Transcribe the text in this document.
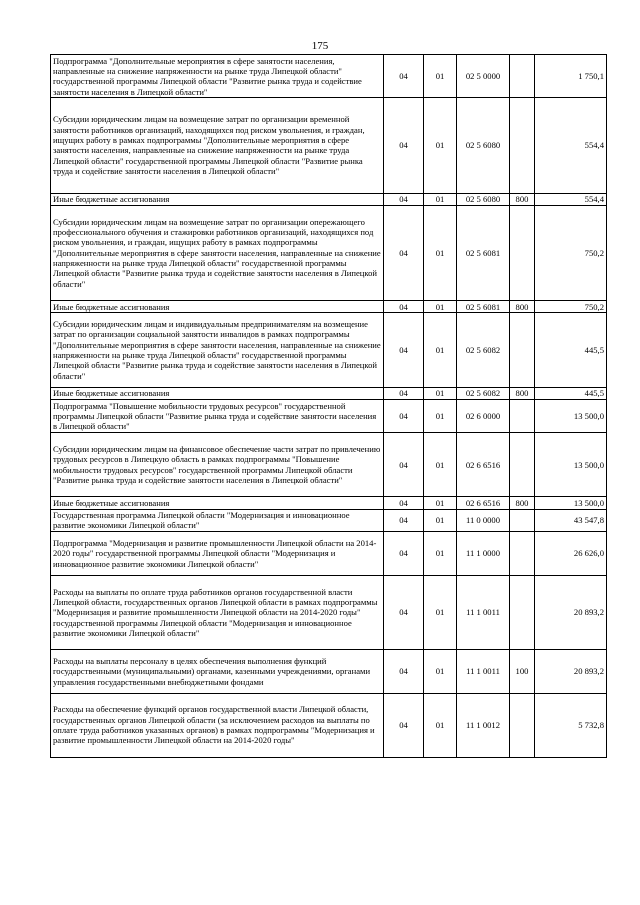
175
Подпрограмма "Дополнительные мероприятия в сфере занятости населения, направленные на снижение напряженности на рынке труда Липецкой области" государственной программы Липецкой области "Развитие рынка труда и содействие занятости населения в Липецкой области"	04	01	02 5 0000		1 750,1
Субсидии юридическим лицам на возмещение затрат по организации временной занятости работников организаций, находящихся под риском увольнения, и граждан, ищущих работу в рамках подпрограммы "Дополнительные мероприятия в сфере занятости населения, направленные на снижение напряженности на рынке труда Липецкой области" государственной программы Липецкой области "Развитие рынка труда и содействие занятости населения в Липецкой области"	04	01	02 5 6080		554,4
Иные бюджетные ассигнования	04	01	02 5 6080	800	554,4
Субсидии юридическим лицам на возмещение затрат по организации опережающего профессионального обучения и стажировки работников организаций, находящихся под риском увольнения, и граждан, ищущих работу в рамках подпрограммы "Дополнительные мероприятия в сфере занятости населения, направленные на снижение напряженности на рынке труда Липецкой области" государственной программы Липецкой области "Развитие рынка труда и содействие занятости населения в Липецкой области"	04	01	02 5 6081		750,2
Иные бюджетные ассигнования	04	01	02 5 6081	800	750,2
Субсидии юридическим лицам и индивидуальным предпринимателям на возмещение затрат по организации социальной занятости инвалидов в рамках подпрограммы "Дополнительные мероприятия в сфере занятости населения, направленные на снижение напряженности на рынке труда Липецкой области" государственной программы Липецкой области "Развитие рынка труда и содействие занятости населения в Липецкой области"	04	01	02 5 6082		445,5
Иные бюджетные ассигнования	04	01	02 5 6082	800	445,5
Подпрограмма "Повышение мобильности трудовых ресурсов" государственной программы Липецкой области "Развитие рынка труда и содействие занятости населения в Липецкой области"	04	01	02 6 0000		13 500,0
Субсидии юридическим лицам на финансовое обеспечение части затрат по привлечению трудовых ресурсов в Липецкую область в рамках подпрограммы "Повышение мобильности трудовых ресурсов" государственной программы Липецкой области "Развитие рынка труда и содействие занятости населения в Липецкой области"	04	01	02 6 6516		13 500,0
Иные бюджетные ассигнования	04	01	02 6 6516	800	13 500,0
Государственная программа Липецкой области "Модернизация и инновационное развитие экономики Липецкой области"	04	01	11 0 0000		43 547,8
Подпрограмма "Модернизация и развитие промышленности Липецкой области на 2014-2020 годы" государственной программы Липецкой области "Модернизация и инновационное развитие экономики Липецкой области"	04	01	11 1 0000		26 626,0
Расходы на выплаты по оплате труда работников органов государственной власти Липецкой области, государственных органов Липецкой области в рамках подпрограммы "Модернизация и развитие промышленности Липецкой области на 2014-2020 годы" государственной программы Липецкой области "Модернизация и инновационное развитие экономики Липецкой области"	04	01	11 1 0011		20 893,2
Расходы на выплаты персоналу в целях обеспечения выполнения функций государственными (муниципальными) органами, казенными учреждениями, органами управления государственными внебюджетными фондами	04	01	11 1 0011	100	20 893,2
Расходы на обеспечение функций органов государственной власти Липецкой области, государственных органов Липецкой области (за исключением расходов на выплаты по оплате труда работников указанных органов) в рамках подпрограммы "Модернизация и развитие промышленности Липецкой области на 2014-2020 годы"	04	01	11 1 0012		5 732,8
